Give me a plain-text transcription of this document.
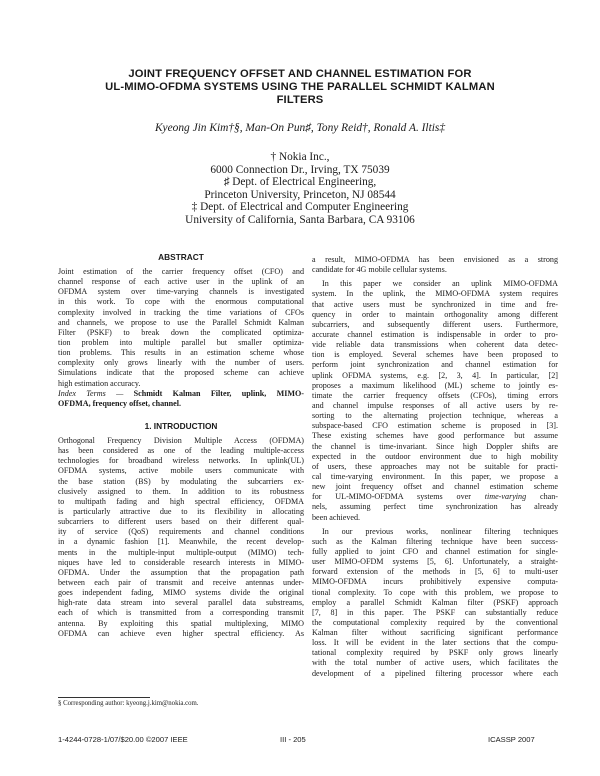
JOINT FREQUENCY OFFSET AND CHANNEL ESTIMATION FOR
UL-MIMO-OFDMA SYSTEMS USING THE PARALLEL SCHMIDT KALMAN
FILTERS
Kyeong Jin Kim†§, Man-On Pun♯, Tony Reid†, Ronald A. Iltis‡
† Nokia Inc.,
6000 Connection Dr., Irving, TX 75039
♯ Dept. of Electrical Engineering,
Princeton University, Princeton, NJ 08544
‡ Dept. of Electrical and Computer Engineering
University of California, Santa Barbara, CA 93106
ABSTRACT
Joint estimation of the carrier frequency offset (CFO) and
channel response of each active user in the uplink of an
OFDMA system over time-varying channels is investigated
in this work. To cope with the enormous computational
complexity involved in tracking the time variations of CFOs
and channels, we propose to use the Parallel Schmidt Kalman
Filter (PSKF) to break down the complicated optimiza-
tion problem into multiple parallel but smaller optimiza-
tion problems. This results in an estimation scheme whose
complexity only grows linearly with the number of users.
Simulations indicate that the proposed scheme can achieve
high estimation accuracy.
Index Terms — Schmidt Kalman Filter, uplink, MIMO-
OFDMA, frequency offset, channel.
1. INTRODUCTION
Orthogonal Frequency Division Multiple Access (OFDMA)
has been considered as one of the leading multiple-access
technologies for broadband wireless networks. In uplink(UL)
OFDMA systems, active mobile users communicate with
the base station (BS) by modulating the subcarriers ex-
clusively assigned to them. In addition to its robustness
to multipath fading and high spectral efficiency, OFDMA
is particularly attractive due to its flexibility in allocating
subcarriers to different users based on their different qual-
ity of service (QoS) requirements and channel conditions
in a dynamic fashion [1]. Meanwhile, the recent develop-
ments in the multiple-input multiple-output (MIMO) tech-
niques have led to considerable research interests in MIMO-
OFDMA. Under the assumption that the propagation path
between each pair of transmit and receive antennas under-
goes independent fading, MIMO systems divide the original
high-rate data stream into several parallel data substreams,
each of which is transmitted from a corresponding transmit
antenna. By exploiting this spatial multiplexing, MIMO
OFDMA can achieve even higher spectral efficiency. As
§ Corresponding author: kyeong.j.kim@nokia.com.
a result, MIMO-OFDMA has been envisioned as a strong
candidate for 4G mobile cellular systems.
In this paper we consider an uplink MIMO-OFDMA
system. In the uplink, the MIMO-OFDMA system requires
that active users must be synchronized in time and fre-
quency in order to maintain orthogonality among different
subcarriers, and subsequently different users. Furthermore,
accurate channel estimation is indispensable in order to pro-
vide reliable data transmissions when coherent data detec-
tion is employed. Several schemes have been proposed to
perform joint synchronization and channel estimation for
uplink OFDMA systems, e.g. [2, 3, 4]. In particular, [2]
proposes a maximum likelihood (ML) scheme to jointly es-
timate the carrier frequency offsets (CFOs), timing errors
and channel impulse responses of all active users by re-
sorting to the alternating projection technique, whereas a
subspace-based CFO estimation scheme is proposed in [3].
These existing schemes have good performance but assume
the channel is time-invariant. Since high Doppler shifts are
expected in the outdoor environment due to high mobility
of users, these approaches may not be suitable for practi-
cal time-varying environment. In this paper, we propose a
new joint frequency offset and channel estimation scheme
for UL-MIMO-OFDMA systems over time-varying chan-
nels, assuming perfect time synchronization has already
been achieved.
In our previous works, nonlinear filtering techniques
such as the Kalman filtering technique have been success-
fully applied to joint CFO and channel estimation for single-
user MIMO-OFDM systems [5, 6]. Unfortunately, a straight-
forward extension of the methods in [5, 6] to multi-user
MIMO-OFDMA incurs prohibitively expensive computa-
tional complexity. To cope with this problem, we propose to
employ a parallel Schmidt Kalman filter (PSKF) approach
[7, 8] in this paper. The PSKF can substantially reduce
the computational complexity required by the conventional
Kalman filter without sacrificing significant performance
loss. It will be evident in the later sections that the compu-
tational complexity required by PSKF only grows linearly
with the total number of active users, which facilitates the
development of a pipelined filtering processor where each
1-4244-0728-1/07/$20.00 ©2007 IEEE	III - 205	ICASSP 2007
